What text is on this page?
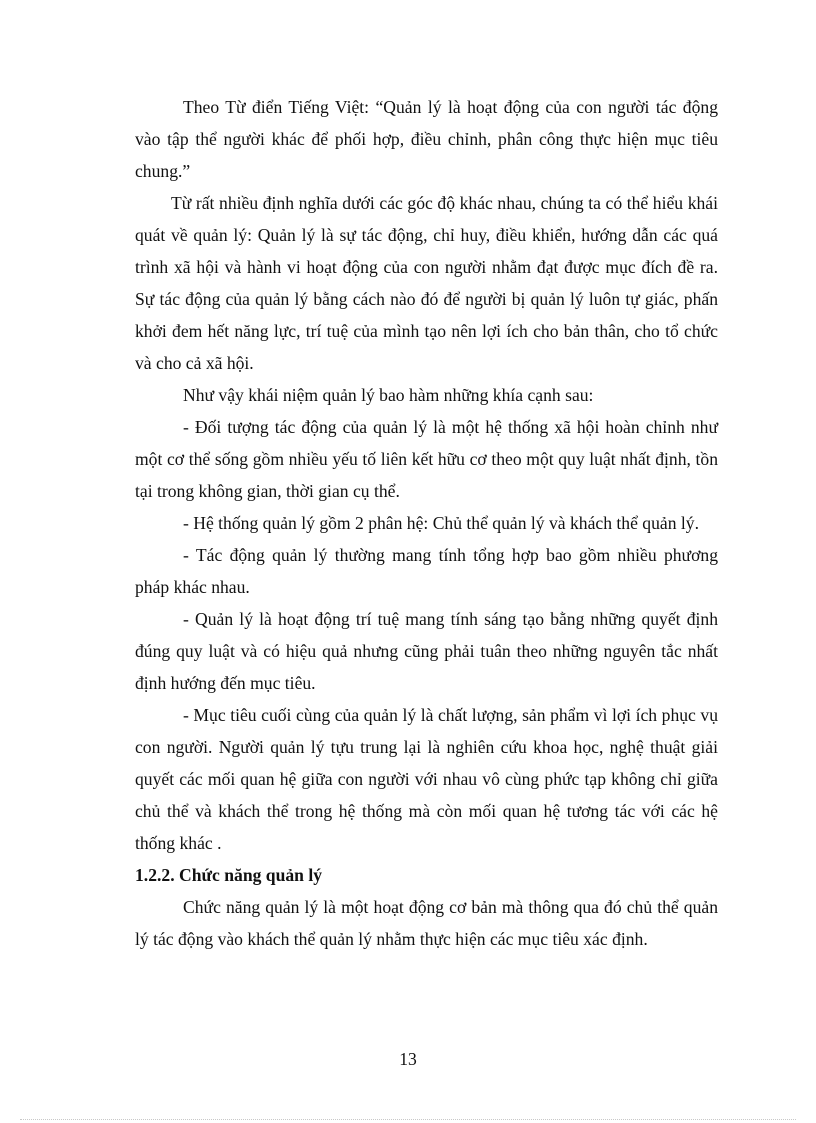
Theo Từ điển Tiếng Việt: “Quản lý là hoạt động của con người tác động vào tập thể người khác để phối hợp, điều chỉnh, phân công thực hiện mục tiêu chung.”

Từ rất nhiều định nghĩa dưới các góc độ khác nhau, chúng ta có thể hiểu khái quát về quản lý: Quản lý là sự tác động, chỉ huy, điều khiển, hướng dẫn các quá trình xã hội và hành vi hoạt động của con người nhằm đạt được mục đích đề ra. Sự tác động của quản lý bằng cách nào đó để người bị quản lý luôn tự giác, phấn khởi đem hết năng lực, trí tuệ của mình tạo nên lợi ích cho bản thân, cho tổ chức và cho cả xã hội.

Như vậy khái niệm quản lý bao hàm những khía cạnh sau:

- Đối tượng tác động của quản lý là một hệ thống xã hội hoàn chỉnh như một cơ thể sống gồm nhiều yếu tố liên kết hữu cơ theo một quy luật nhất định, tồn tại trong không gian, thời gian cụ thể.

- Hệ thống quản lý gồm 2 phân hệ: Chủ thể quản lý và khách thể quản lý.

- Tác động quản lý thường mang tính tổng hợp bao gồm nhiều phương pháp khác nhau.

- Quản lý là hoạt động trí tuệ mang tính sáng tạo bằng những quyết định đúng quy luật và có hiệu quả nhưng cũng phải tuân theo những nguyên tắc nhất định hướng đến mục tiêu.

- Mục tiêu cuối cùng của quản lý là chất lượng, sản phẩm vì lợi ích phục vụ con người. Người quản lý tựu trung lại là nghiên cứu khoa học, nghệ thuật giải quyết các mối quan hệ giữa con người với nhau vô cùng phức tạp không chỉ giữa chủ thể và khách thể trong hệ thống mà còn mối quan hệ tương tác với các hệ thống khác .

1.2.2. Chức năng quản lý

Chức năng quản lý là một hoạt động cơ bản mà thông qua đó chủ thể quản lý tác động vào khách thể quản lý nhằm thực hiện các mục tiêu xác định.

13
